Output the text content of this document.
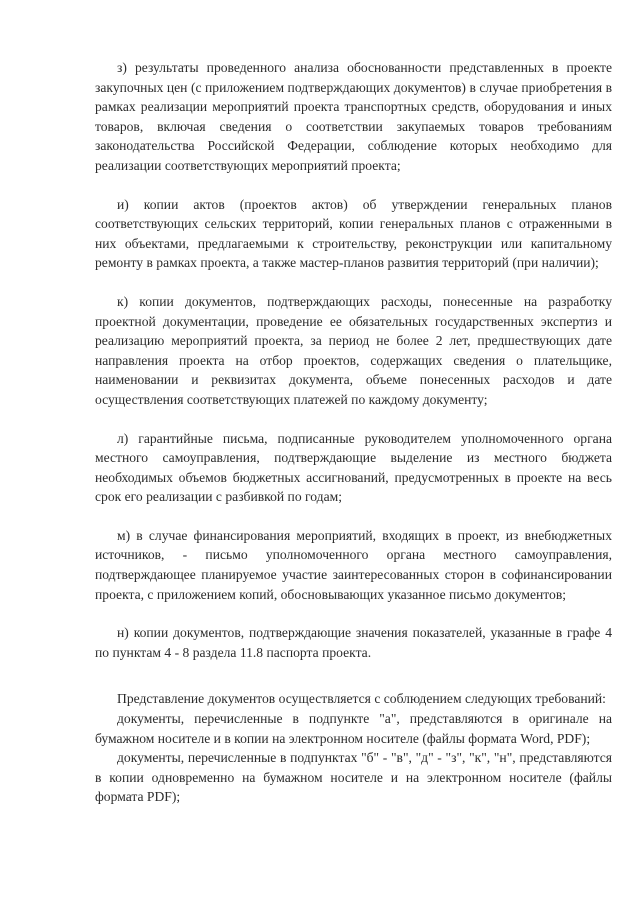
з) результаты проведенного анализа обоснованности представленных в проекте закупочных цен (с приложением подтверждающих документов) в случае приобретения в рамках реализации мероприятий проекта транспортных средств, оборудования и иных товаров, включая сведения о соответствии закупаемых товаров требованиям законодательства Российской Федерации, соблюдение которых необходимо для реализации соответствующих мероприятий проекта;

и) копии актов (проектов актов) об утверждении генеральных планов соответствующих сельских территорий, копии генеральных планов с отраженными в них объектами, предлагаемыми к строительству, реконструкции или капитальному ремонту в рамках проекта, а также мастер-планов развития территорий (при наличии);

к) копии документов, подтверждающих расходы, понесенные на разработку проектной документации, проведение ее обязательных государственных экспертиз и реализацию мероприятий проекта, за период не более 2 лет, предшествующих дате направления проекта на отбор проектов, содержащих сведения о плательщике, наименовании и реквизитах документа, объеме понесенных расходов и дате осуществления соответствующих платежей по каждому документу;

л) гарантийные письма, подписанные руководителем уполномоченного органа местного самоуправления, подтверждающие выделение из местного бюджета необходимых объемов бюджетных ассигнований, предусмотренных в проекте на весь срок его реализации с разбивкой по годам;

м) в случае финансирования мероприятий, входящих в проект, из внебюджетных источников, - письмо уполномоченного органа местного самоуправления, подтверждающее планируемое участие заинтересованных сторон в софинансировании проекта, с приложением копий, обосновывающих указанное письмо документов;

н) копии документов, подтверждающие значения показателей, указанные в графе 4 по пунктам 4 - 8 раздела 11.8 паспорта проекта.

Представление документов осуществляется с соблюдением следующих требований:

документы, перечисленные в подпункте "а", представляются в оригинале на бумажном носителе и в копии на электронном носителе (файлы формата Word, PDF);

документы, перечисленные в подпунктах "б" - "в", "д" - "з", "к", "н", представляются в копии одновременно на бумажном носителе и на электронном носителе (файлы формата PDF);
